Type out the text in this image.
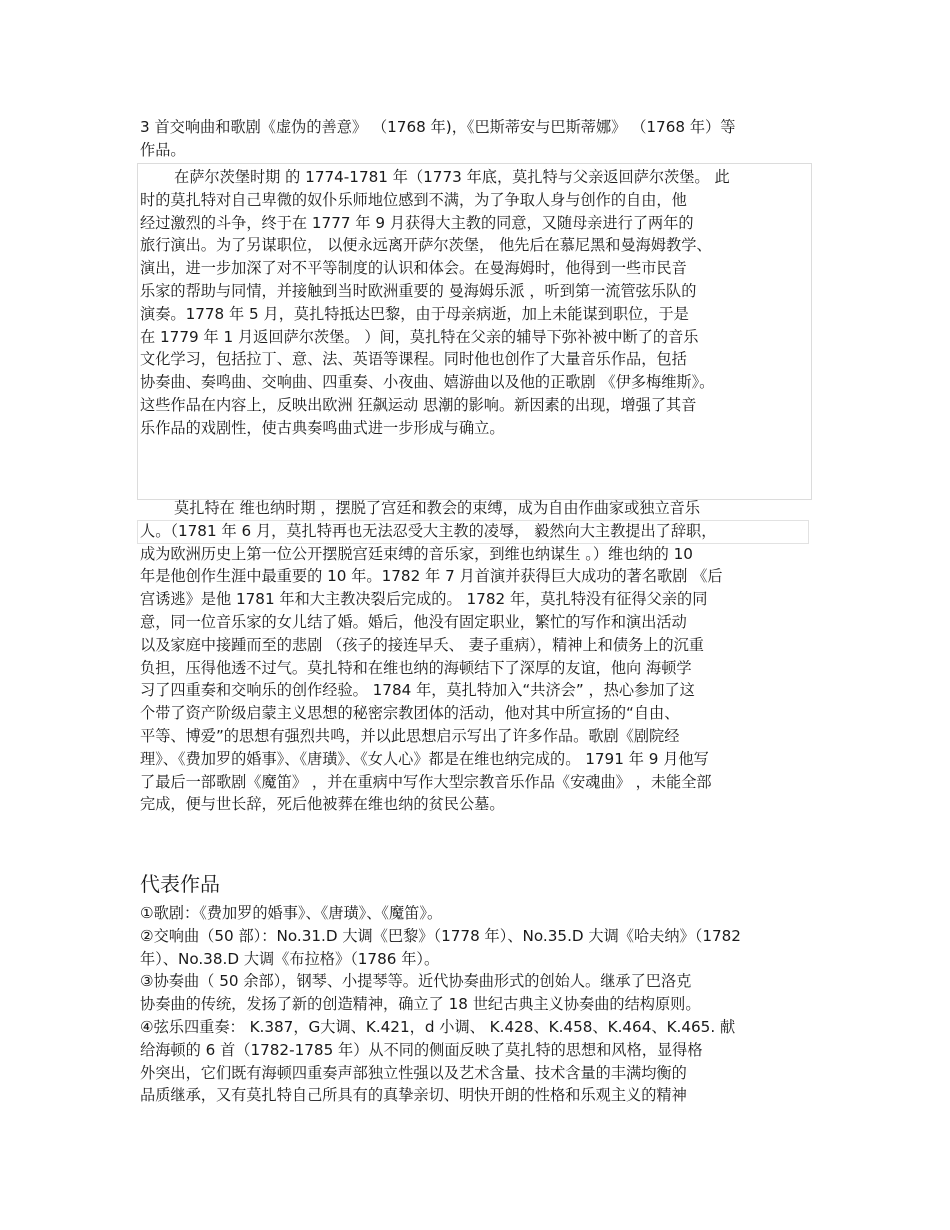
3 首交响曲和歌剧《虚伪的善意》 （1768 年)，《巴斯蒂安与巴斯蒂娜》 （1768 年）等
作品。
在萨尔茨堡时期 的 1774-1781 年（1773 年底，莫扎特与父亲返回萨尔茨堡。 此
时的莫扎特对自己卑微的奴仆乐师地位感到不满，为了争取人身与创作的自由，他
经过激烈的斗争，终于在 1777 年 9 月获得大主教的同意，又随母亲进行了两年的
旅行演出。为了另谋职位， 以便永远离开萨尔茨堡， 他先后在慕尼黑和曼海姆教学、
演出，进一步加深了对不平等制度的认识和体会。在曼海姆时，他得到一些市民音
乐家的帮助与同情，并接触到当时欧洲重要的 曼海姆乐派 ，听到第一流管弦乐队的
演奏。1778 年 5 月，莫扎特抵达巴黎，由于母亲病逝，加上未能谋到职位，于是
在 1779 年 1 月返回萨尔茨堡。 ）间，莫扎特在父亲的辅导下弥补被中断了的音乐
文化学习，包括拉丁、意、法、英语等课程。同时他也创作了大量音乐作品，包括
协奏曲、奏鸣曲、交响曲、四重奏、小夜曲、嬉游曲以及他的正歌剧 《伊多梅维斯》。
这些作品在内容上，反映出欧洲 狂飙运动 思潮的影响。新因素的出现，增强了其音
乐作品的戏剧性，使古典奏鸣曲式进一步形成与确立。
莫扎特在 维也纳时期 ，摆脱了宫廷和教会的束缚，成为自由作曲家或独立音乐
人。（1781 年 6 月，莫扎特再也无法忍受大主教的凌辱， 毅然向大主教提出了辞职，
成为欧洲历史上第一位公开摆脱宫廷束缚的音乐家，到维也纳谋生 。）维也纳的 10
年是他创作生涯中最重要的 10 年。1782 年 7 月首演并获得巨大成功的著名歌剧 《后
宫诱逃》是他 1781 年和大主教决裂后完成的。 1782 年，莫扎特没有征得父亲的同
意，同一位音乐家的女儿结了婚。婚后，他没有固定职业，繁忙的写作和演出活动
以及家庭中接踵而至的悲剧 （孩子的接连早夭、 妻子重病），精神上和债务上的沉重
负担，压得他透不过气。莫扎特和在维也纳的海顿结下了深厚的友谊，他向 海顿学
习了四重奏和交响乐的创作经验。 1784 年，莫扎特加入“共济会” ，热心参加了这
个带了资产阶级启蒙主义思想的秘密宗教团体的活动，他对其中所宣扬的“自由、
平等、博爱”的思想有强烈共鸣，并以此思想启示写出了许多作品。歌剧《剧院经
理》、《费加罗的婚事》、《唐璜》、《女人心》都是在维也纳完成的。 1791 年 9 月他写
了最后一部歌剧《魔笛》 ，并在重病中写作大型宗教音乐作品《安魂曲》 ，未能全部
完成，便与世长辞，死后他被葬在维也纳的贫民公墓。
代表作品
①歌剧：《费加罗的婚事》、《唐璜》、《魔笛》。
②交响曲（50 部）：No.31.D 大调《巴黎》（1778 年）、No.35.D 大调《哈夫纳》（1782
年）、No.38.D 大调《布拉格》（1786 年）。
③协奏曲（ 50 余部），钢琴、小提琴等。近代协奏曲形式的创始人。继承了巴洛克
协奏曲的传统，发扬了新的创造精神，确立了 18 世纪古典主义协奏曲的结构原则。
④弦乐四重奏： K.387，G大调、K.421，d 小调、 K.428、K.458、K.464、K.465. 献
给海顿的 6 首（1782-1785 年）从不同的侧面反映了莫扎特的思想和风格，显得格
外突出，它们既有海顿四重奏声部独立性强以及艺术含量、技术含量的丰满均衡的
品质继承，又有莫扎特自己所具有的真挚亲切、明快开朗的性格和乐观主义的精神
